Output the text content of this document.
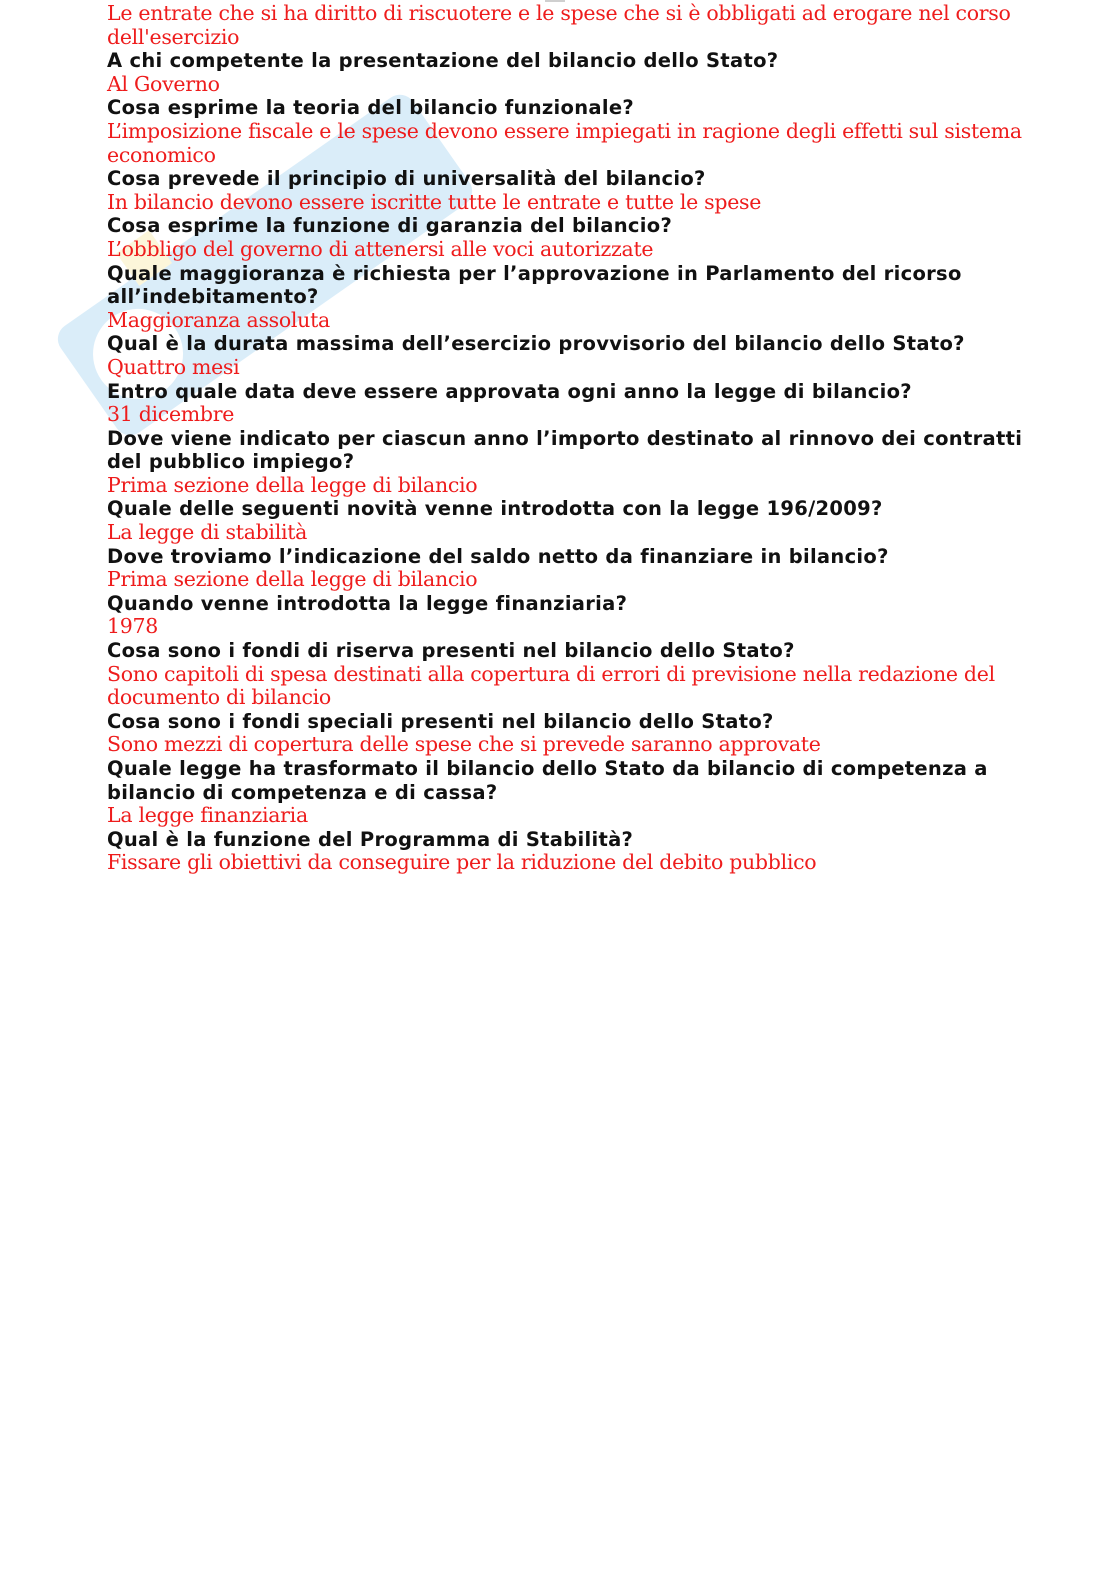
Le entrate che si ha diritto di riscuotere e le spese che si è obbligati ad erogare nel corso dell'esercizio

A chi competente la presentazione del bilancio dello Stato?

Al Governo

Cosa esprime la teoria del bilancio funzionale?

L’imposizione fiscale e le spese devono essere impiegati in ragione degli effetti sul sistema economico

Cosa prevede il principio di universalità del bilancio?

In bilancio devono essere iscritte tutte le entrate e tutte le spese

Cosa esprime la funzione di garanzia del bilancio?

L’obbligo del governo di attenersi alle voci autorizzate

Quale maggioranza è richiesta per l’approvazione in Parlamento del ricorso all’indebitamento?

Maggioranza assoluta

Qual è la durata massima dell’esercizio provvisorio del bilancio dello Stato?

Quattro mesi

Entro quale data deve essere approvata ogni anno la legge di bilancio?

31 dicembre

Dove viene indicato per ciascun anno l’importo destinato al rinnovo dei contratti del pubblico impiego?

Prima sezione della legge di bilancio

Quale delle seguenti novità venne introdotta con la legge 196/2009?

La legge di stabilità

Dove troviamo l’indicazione del saldo netto da finanziare in bilancio?

Prima sezione della legge di bilancio

Quando venne introdotta la legge finanziaria?

1978

Cosa sono i fondi di riserva presenti nel bilancio dello Stato?

Sono capitoli di spesa destinati alla copertura di errori di previsione nella redazione del documento di bilancio

Cosa sono i fondi speciali presenti nel bilancio dello Stato?

Sono mezzi di copertura delle spese che si prevede saranno approvate

Quale legge ha trasformato il bilancio dello Stato da bilancio di competenza a bilancio di competenza e di cassa?

La legge finanziaria

Qual è la funzione del Programma di Stabilità?

Fissare gli obiettivi da conseguire per la riduzione del debito pubblico
